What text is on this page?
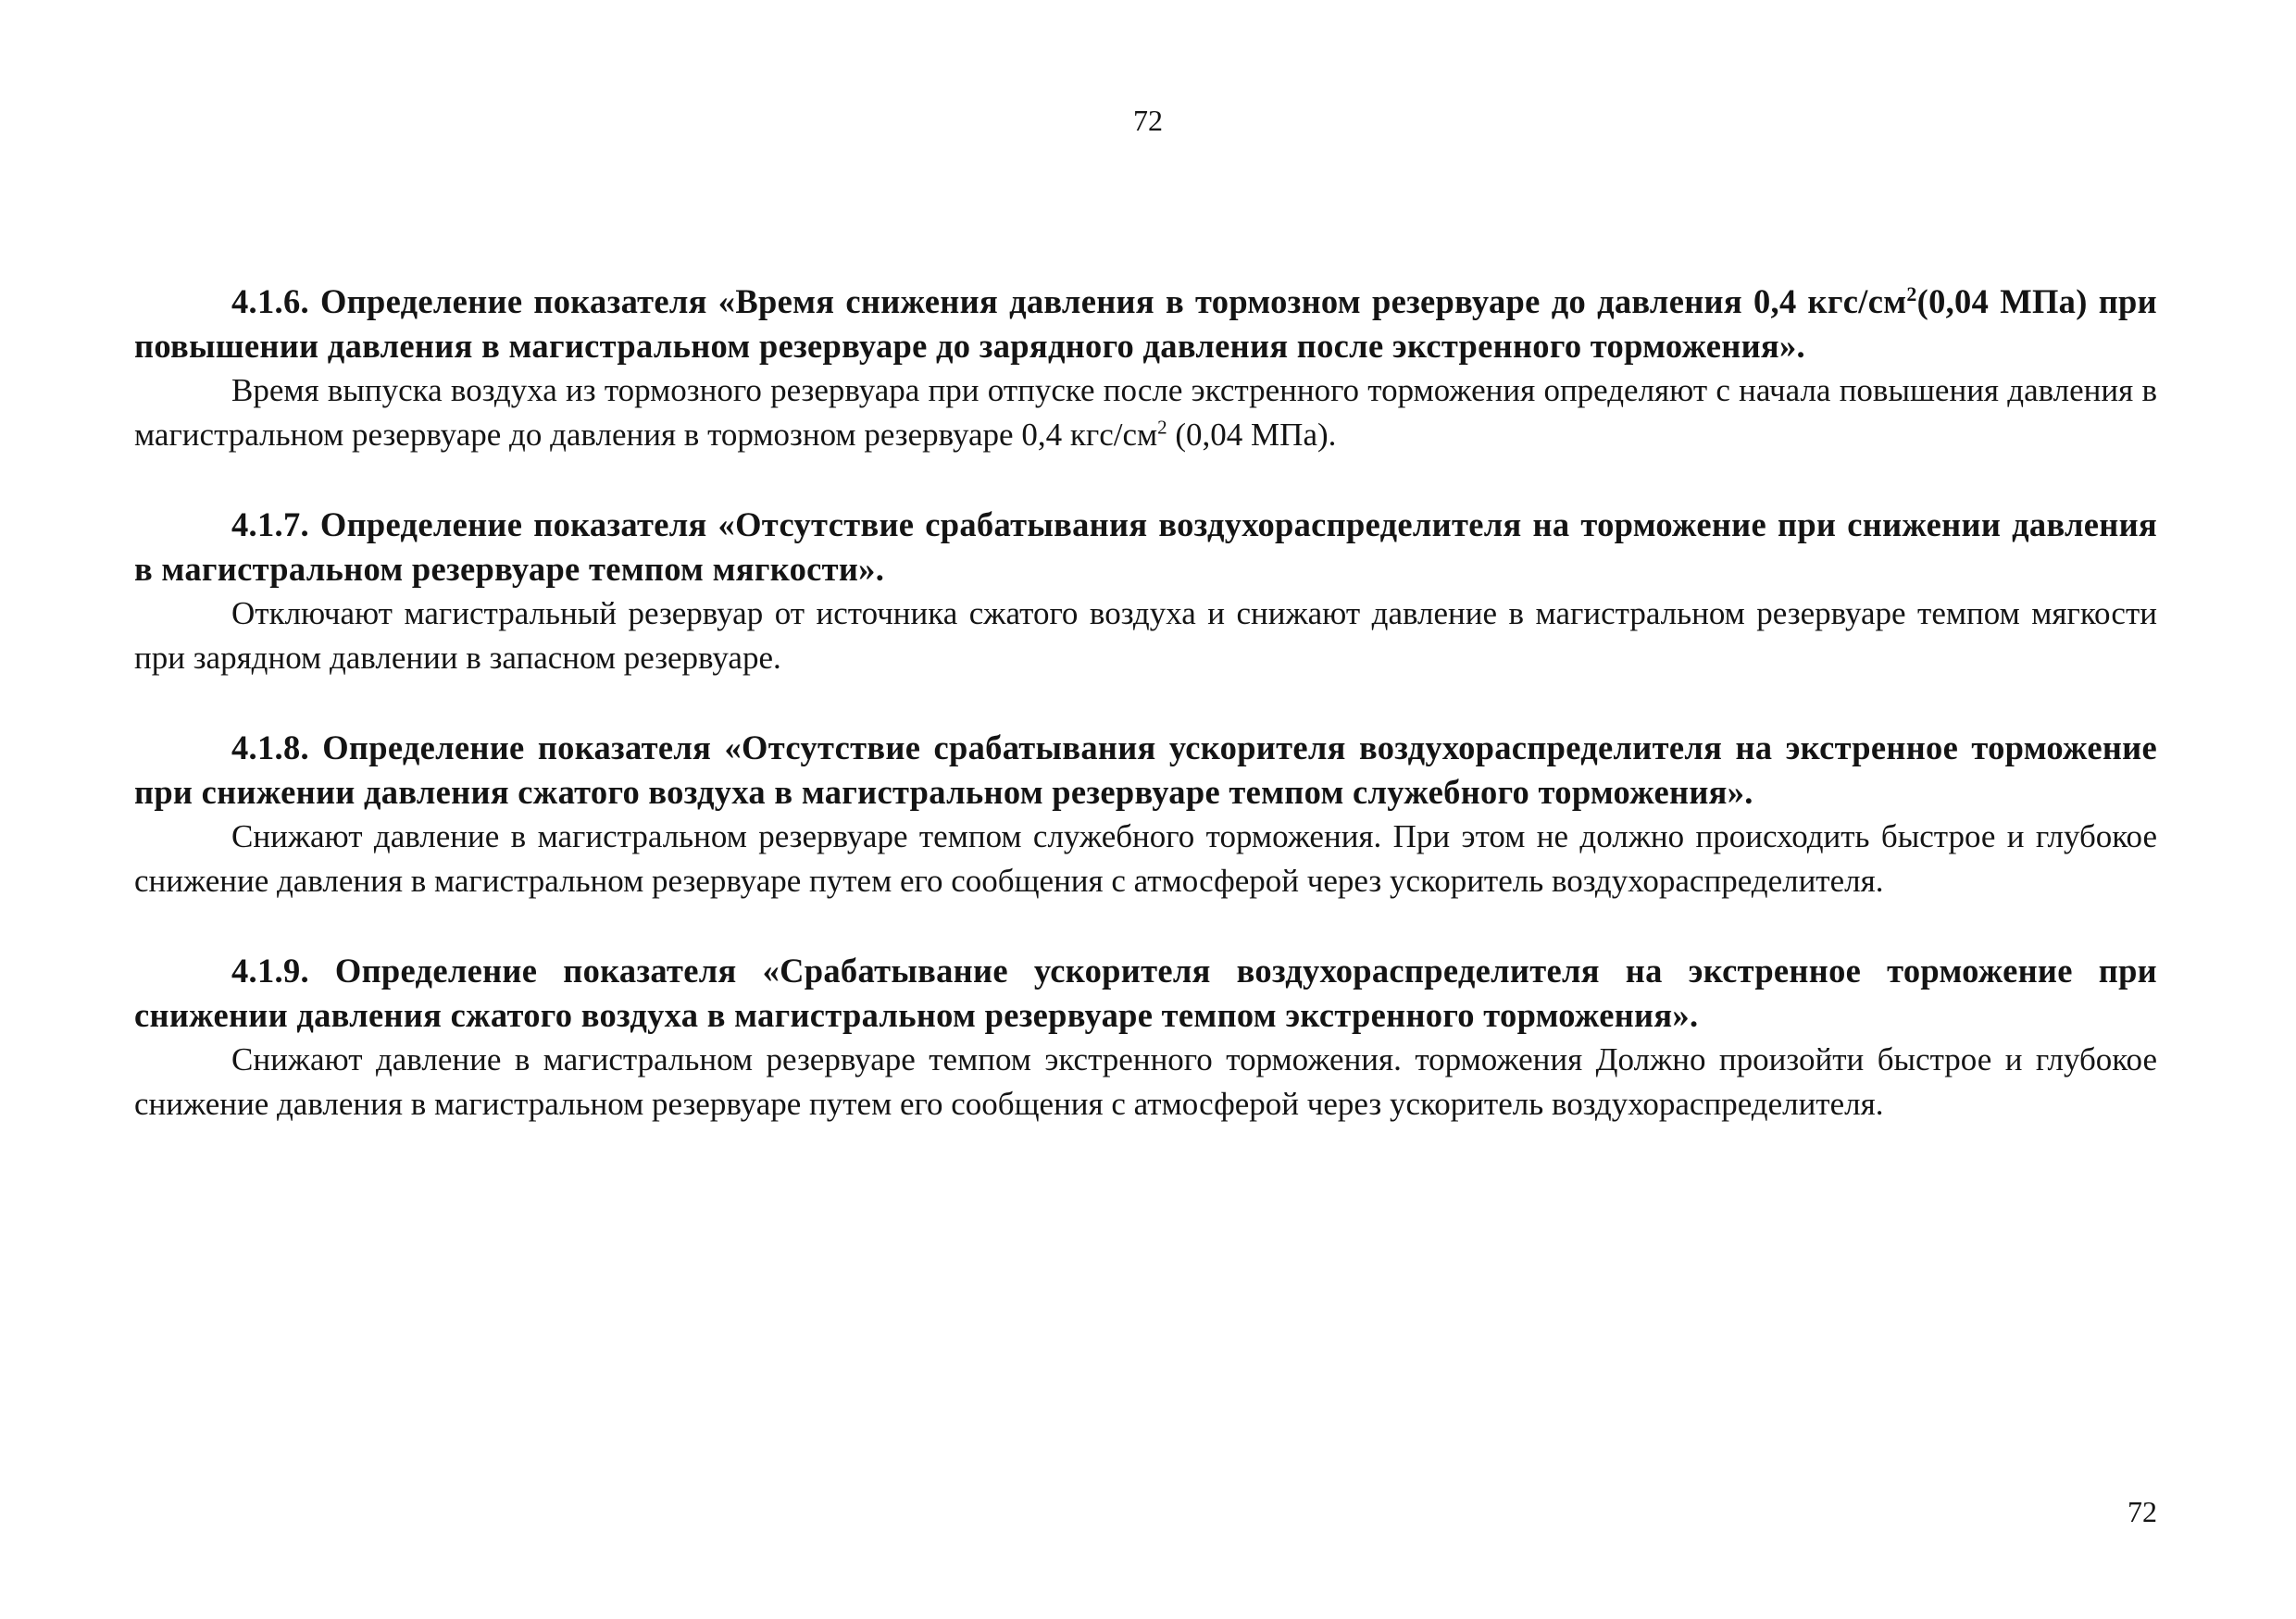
72
4.1.6. Определение показателя «Время снижения давления в тормозном резервуаре до давления 0,4 кгс/$см^2(0,04$ МПа) при повышении давления в магистральном резервуаре до зарядного давления после экстренного торможения».
Время выпуска воздуха из тормозного резервуара при отпуске после экстренного торможения определяют с начала повышения давления в магистральном резервуаре до давления в тормозном резервуаре 0,4 кгс/$см^2$ (0,04 МПа).
4.1.7. Определение показателя «Отсутствие срабатывания воздухораспределителя на торможение при снижении давления в магистральном резервуаре темпом мягкости».
Отключают магистральный резервуар от источника сжатого воздуха и снижают давление в магистральном резервуаре темпом мягкости при зарядном давлении в запасном резервуаре.
4.1.8. Определение показателя «Отсутствие срабатывания ускорителя воздухораспределителя на экстренное торможение при снижении давления сжатого воздуха в магистральном резервуаре темпом служебного торможения».
Снижают давление в магистральном резервуаре темпом служебного торможения. При этом не должно происходить быстрое и глубокое снижение давления в магистральном резервуаре путем его сообщения с атмосферой через ускоритель воздухораспределителя.
4.1.9. Определение показателя «Срабатывание ускорителя воздухораспределителя на экстренное торможение при снижении давления сжатого воздуха в магистральном резервуаре темпом экстренного торможения».
Снижают давление в магистральном резервуаре темпом экстренного торможения. торможения Должно произойти быстрое и глубокое снижение давления в магистральном резервуаре путем его сообщения с атмосферой через ускоритель воздухораспределителя.
72
